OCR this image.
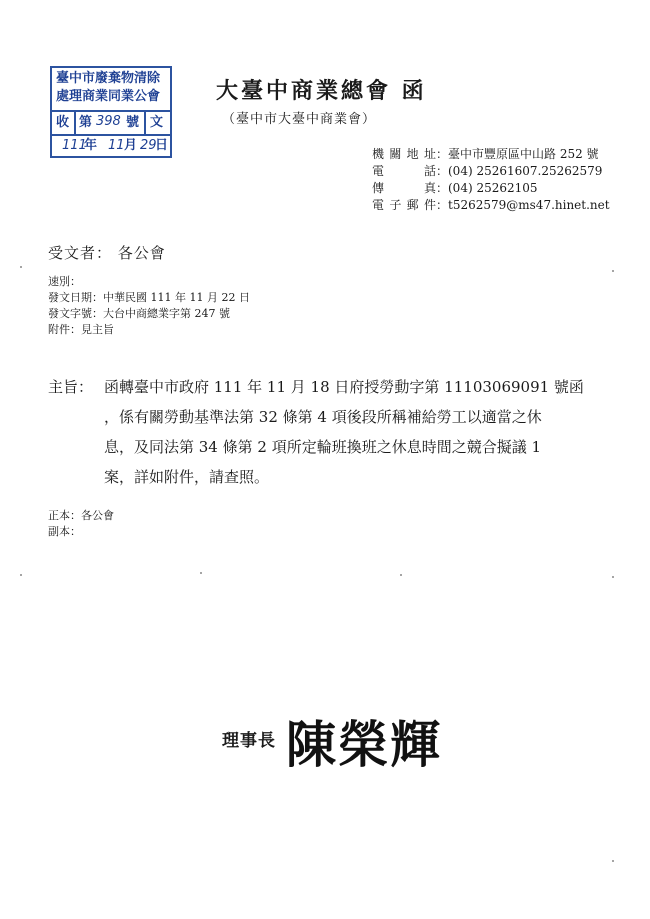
臺中市廢棄物清除
處理商業同業公會
收 第 398 號 文
111
年 11 月 29
日
大臺中商業總會 函
（臺中市大臺中商業會）
機關地址：臺中市豐原區中山路 252 號
電話：(04) 25261607.25262579
傳真：(04) 25262105
電子郵件：t5262579@ms47.hinet.net
受文者： 各公會
速別：
發文日期：中華民國 111 年 11 月 22 日
發文字號：大台中商總業字第 247 號
附件：見主旨
主旨： 函轉臺中市政府 111 年 11 月 18 日府授勞動字第 11103069091 號函
，係有關勞動基準法第 32 條第 4 項後段所稱補給勞工以適當之休
息，及同法第 34 條第 2 項所定輪班換班之休息時間之競合擬議 1
案，詳如附件，請查照。
正本：各公會
副本：
理事長 陳榮輝
